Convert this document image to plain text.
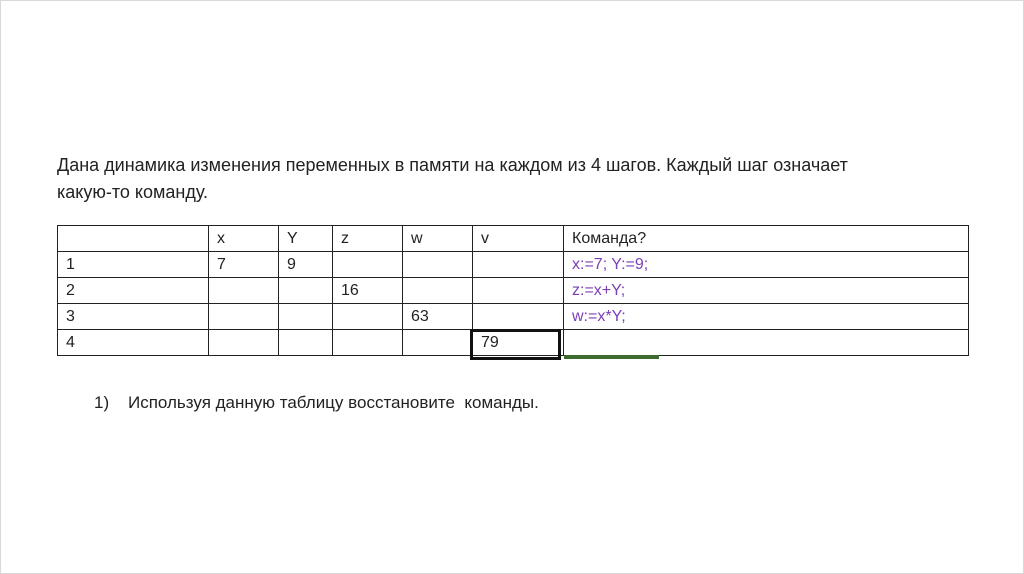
Дана динамика изменения переменных в памяти на каждом из 4 шагов. Каждый шаг означает
какую-то команду.
	x	Y	z	w	v	Команда?
1	7	9				x:=7; Y:=9;
2			16			z:=x+Y;
3				63		w:=x*Y;
4					79	
1) Используя данную таблицу восстановите  команды.
